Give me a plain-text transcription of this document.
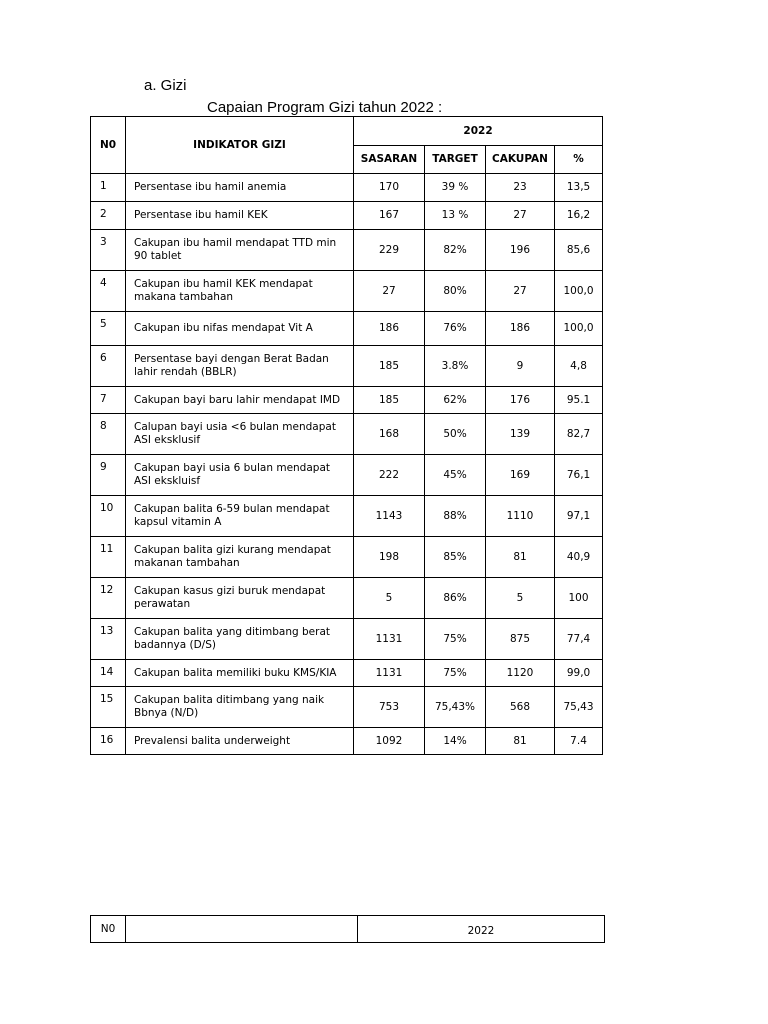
a. Gizi
Capaian Program Gizi tahun 2022 :
N0	INDIKATOR GIZI	2022			
		SASARAN	TARGET	CAKUPAN	%
1	Persentase ibu hamil anemia	170	39 %	23	13,5
2	Persentase ibu hamil KEK	167	13 %	27	16,2
3	Cakupan ibu hamil mendapat TTD min 90 tablet	229	82%	196	85,6
4	Cakupan ibu hamil KEK mendapat makana tambahan	27	80%	27	100,0
5	Cakupan ibu nifas mendapat Vit A	186	76%	186	100,0
6	Persentase bayi dengan Berat Badan lahir rendah (BBLR)	185	3.8%	9	4,8
7	Cakupan bayi baru lahir mendapat IMD	185	62%	176	95.1
8	Calupan bayi usia <6 bulan mendapat ASI eksklusif	168	50%	139	82,7
9	Cakupan bayi usia 6 bulan mendapat ASI ekskluisf	222	45%	169	76,1
10	Cakupan balita 6-59 bulan mendapat kapsul vitamin A	1143	88%	1110	97,1
11	Cakupan balita gizi kurang mendapat makanan tambahan	198	85%	81	40,9
12	Cakupan kasus gizi buruk mendapat perawatan	5	86%	5	100
13	Cakupan balita yang ditimbang berat badannya (D/S)	1131	75%	875	77,4
14	Cakupan balita memiliki buku KMS/KIA	1131	75%	1120	99,0
15	Cakupan balita ditimbang yang naik Bbnya (N/D)	753	75,43%	568	75,43
16	Prevalensi balita underweight	1092	14%	81	7.4
N0		2022
